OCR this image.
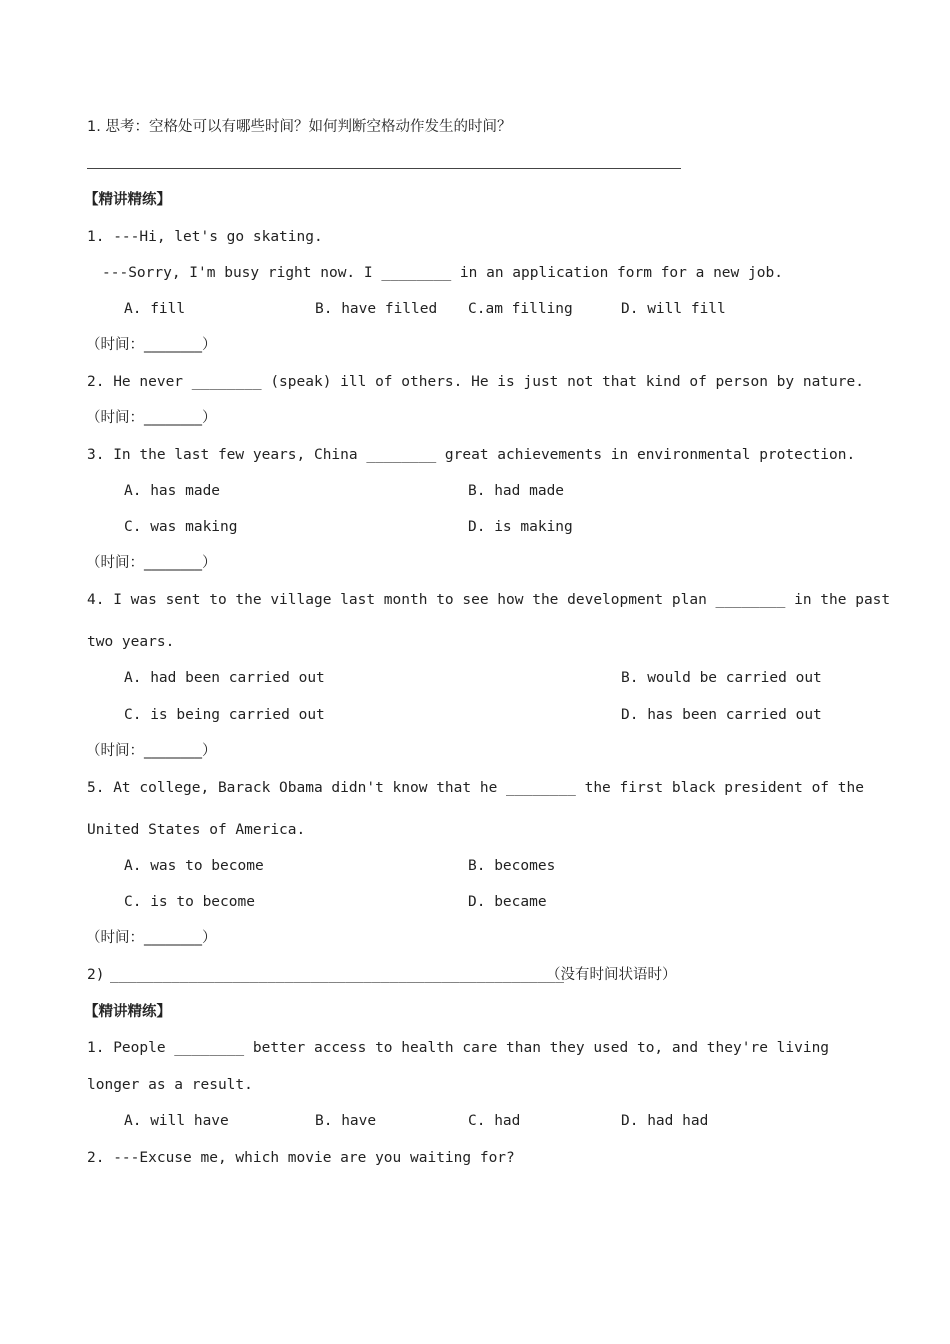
1. 思考：空格处可以有哪些时间？如何判断空格动作发生的时间？
【精讲精练】
1. ---Hi, let's go skating.
---Sorry, I'm busy right now. I ________ in an application form for a new job.
A. fill	B. have filled C.am filling	D. will fill
（时间：________）
2. He never ________ (speak) ill of others. He is just not that kind of person by nature.
（时间：________）
3. In the last few years, China ________ great achievements in environmental protection.
A. has made	B. had made
C. was making	D. is making
（时间：________）
4. I was sent to the village last month to see how the development plan ________ in the past
two years.
A. had been carried out	B. would be carried out
C. is being carried out	D. has been carried out
（时间：________）
5. At college, Barack Obama didn't know that he ________ the first black president of the
United States of America.
A. was to become	B. becomes
C. is to become	D. became
（时间：________）
2) ____________________________________________________
（没有时间状语时）
【精讲精练】
1. People ________ better access to health care than they used to, and they're living
longer as a result.
A. will have	B. have	C. had	D. had had
2. ---Excuse me, which movie are you waiting for?
